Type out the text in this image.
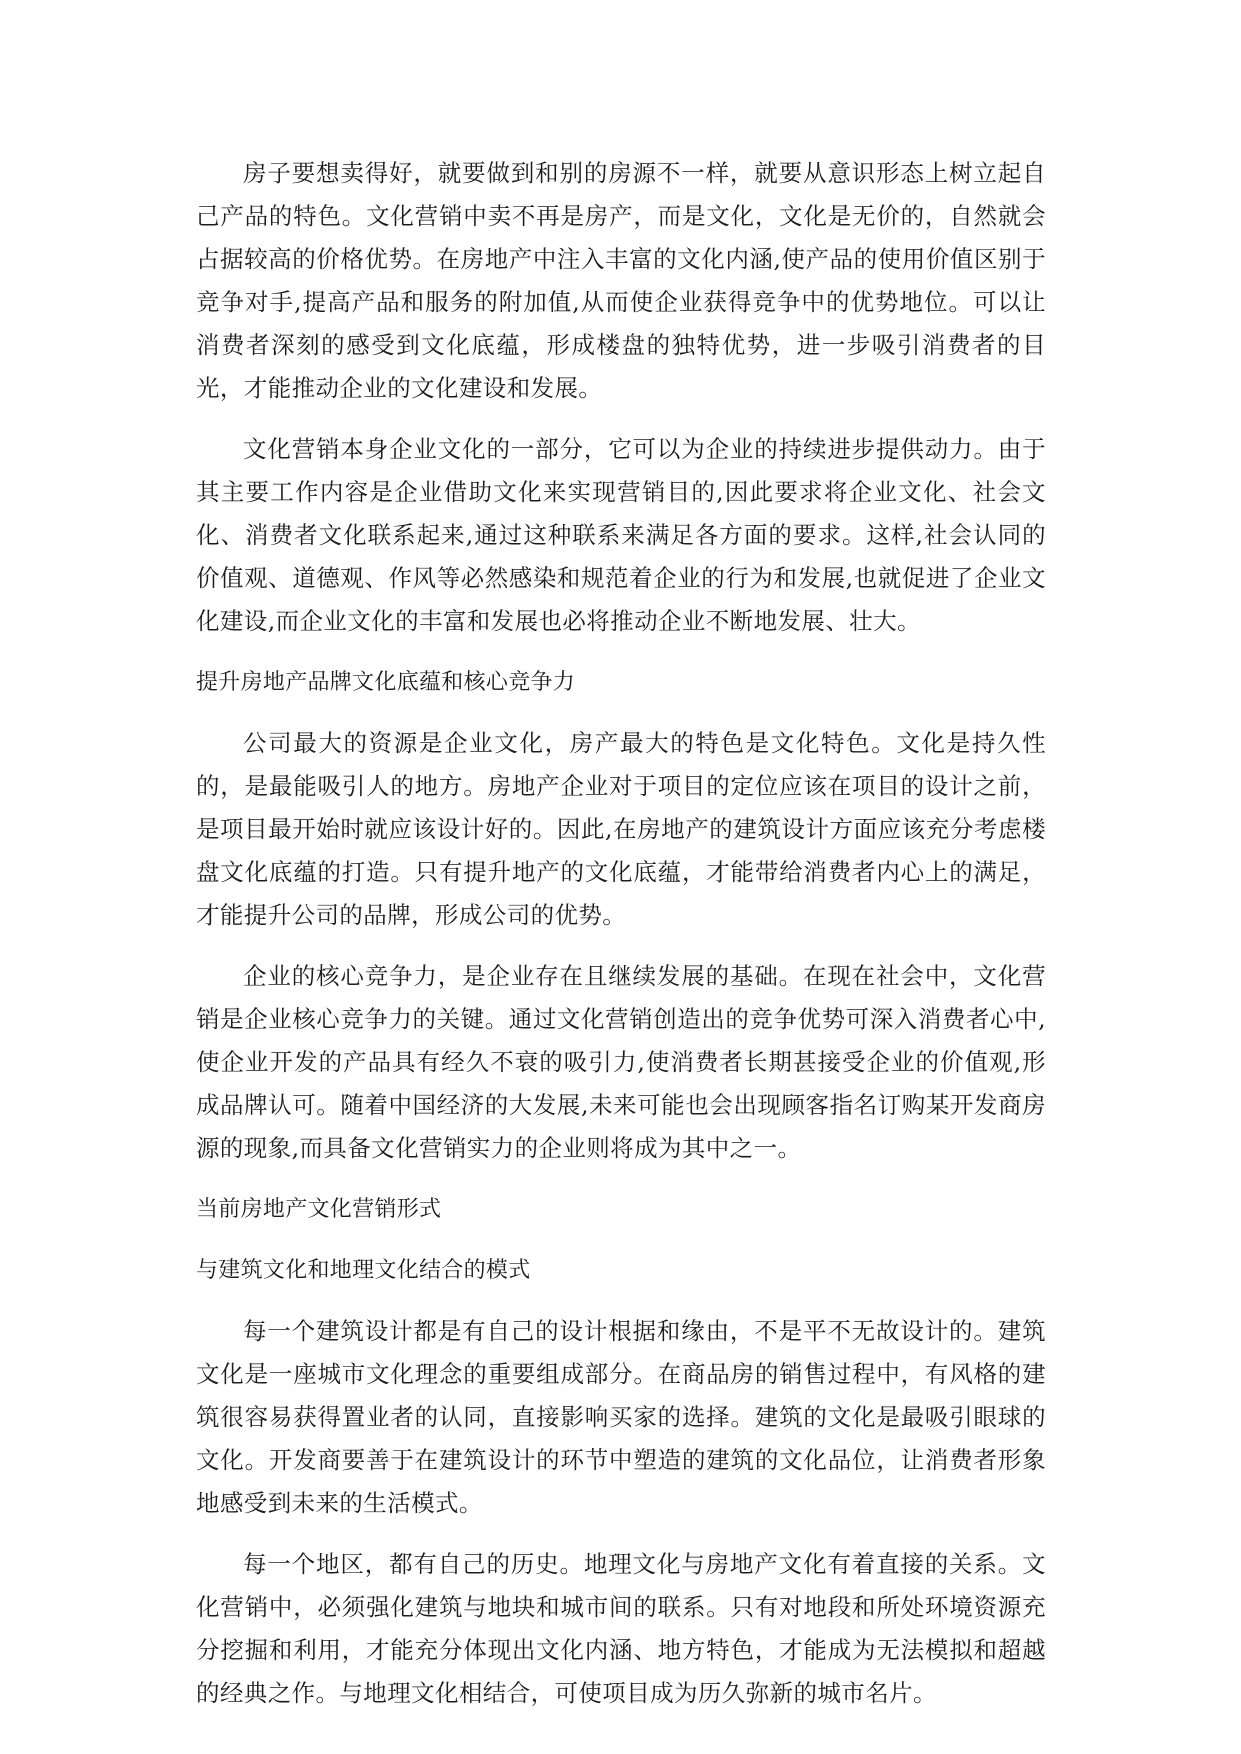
房子要想卖得好，就要做到和别的房源不一样，就要从意识形态上树立起自己产品的特色。文化营销中卖不再是房产，而是文化，文化是无价的，自然就会占据较高的价格优势。在房地产中注入丰富的文化内涵,使产品的使用价值区别于竞争对手,提高产品和服务的附加值,从而使企业获得竞争中的优势地位。可以让消费者深刻的感受到文化底蕴，形成楼盘的独特优势，进一步吸引消费者的目光，才能推动企业的文化建设和发展。

文化营销本身企业文化的一部分，它可以为企业的持续进步提供动力。由于其主要工作内容是企业借助文化来实现营销目的,因此要求将企业文化、社会文化、消费者文化联系起来,通过这种联系来满足各方面的要求。这样,社会认同的价值观、道德观、作风等必然感染和规范着企业的行为和发展,也就促进了企业文化建设,而企业文化的丰富和发展也必将推动企业不断地发展、壮大。

提升房地产品牌文化底蕴和核心竞争力

公司最大的资源是企业文化，房产最大的特色是文化特色。文化是持久性的，是最能吸引人的地方。房地产企业对于项目的定位应该在项目的设计之前，是项目最开始时就应该设计好的。因此,在房地产的建筑设计方面应该充分考虑楼盘文化底蕴的打造。只有提升地产的文化底蕴，才能带给消费者内心上的满足，才能提升公司的品牌，形成公司的优势。

企业的核心竞争力，是企业存在且继续发展的基础。在现在社会中，文化营销是企业核心竞争力的关键。通过文化营销创造出的竞争优势可深入消费者心中,使企业开发的产品具有经久不衰的吸引力,使消费者长期甚接受企业的价值观,形成品牌认可。随着中国经济的大发展,未来可能也会出现顾客指名订购某开发商房源的现象,而具备文化营销实力的企业则将成为其中之一。

当前房地产文化营销形式
与建筑文化和地理文化结合的模式

每一个建筑设计都是有自己的设计根据和缘由，不是平不无故设计的。建筑文化是一座城市文化理念的重要组成部分。在商品房的销售过程中，有风格的建筑很容易获得置业者的认同，直接影响买家的选择。建筑的文化是最吸引眼球的文化。开发商要善于在建筑设计的环节中塑造的建筑的文化品位，让消费者形象地感受到未来的生活模式。

每一个地区，都有自己的历史。地理文化与房地产文化有着直接的关系。文化营销中，必须强化建筑与地块和城市间的联系。只有对地段和所处环境资源充分挖掘和利用，才能充分体现出文化内涵、地方特色，才能成为无法模拟和超越的经典之作。与地理文化相结合，可使项目成为历久弥新的城市名片。
